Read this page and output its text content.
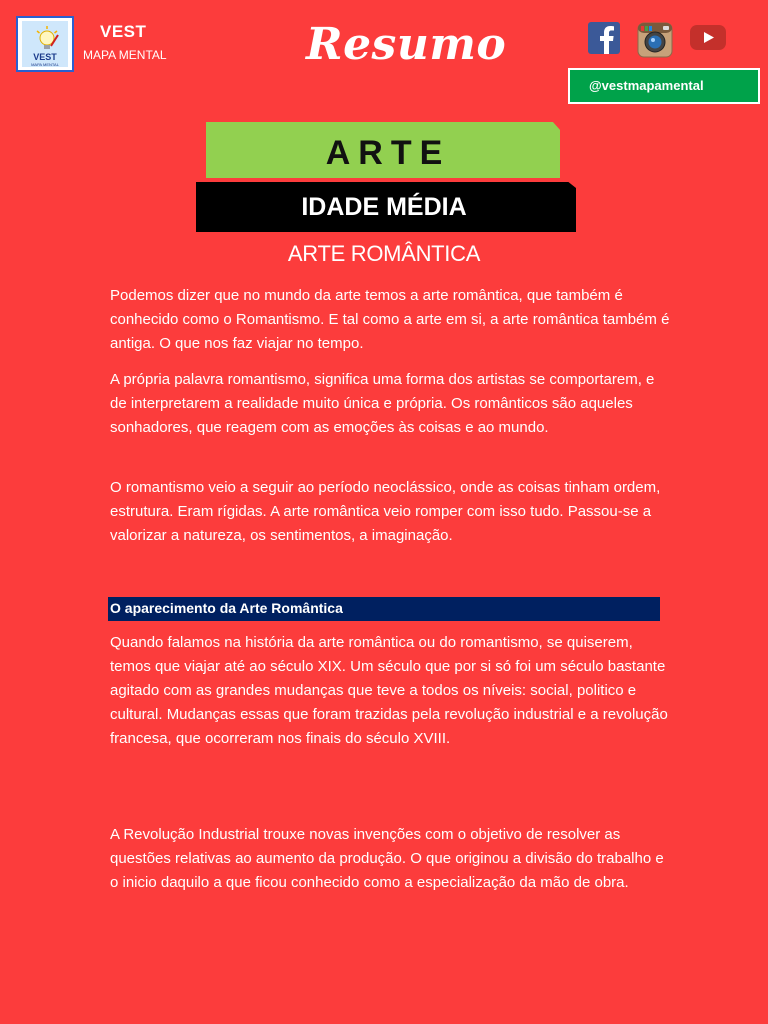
VEST
MAPA MENTAL
VEST
MAPA MENTAL	Resumo
@vestmapamental
ARTE
IDADE MÉDIA
ARTE ROMÂNTICA

Podemos dizer que no mundo da arte temos a arte romântica, que também é conhecido como o Romantismo. E tal como a arte em si, a arte romântica também é antiga. O que nos faz viajar no tempo.

A própria palavra romantismo, significa uma forma dos artistas se comportarem, e de interpretarem a realidade muito única e própria. Os românticos são aqueles sonhadores, que reagem com as emoções às coisas e ao mundo.

O romantismo veio a seguir ao período neoclássico, onde as coisas tinham ordem, estrutura. Eram rígidas. A arte romântica veio romper com isso tudo. Passou-se a valorizar a natureza, os sentimentos, a imaginação.

O aparecimento da Arte Romântica

Quando falamos na história da arte romântica ou do romantismo, se quiserem, temos que viajar até ao século XIX. Um século que por si só foi um século bastante agitado com as grandes mudanças que teve a todos os níveis: social, politico e cultural. Mudanças essas que foram trazidas pela revolução industrial e a revolução francesa, que ocorreram nos finais do século XVIII.

A Revolução Industrial trouxe novas invenções com o objetivo de resolver as questões relativas ao aumento da produção. O que originou a divisão do trabalho e o inicio daquilo a que ficou conhecido como a especialização da mão de obra.
